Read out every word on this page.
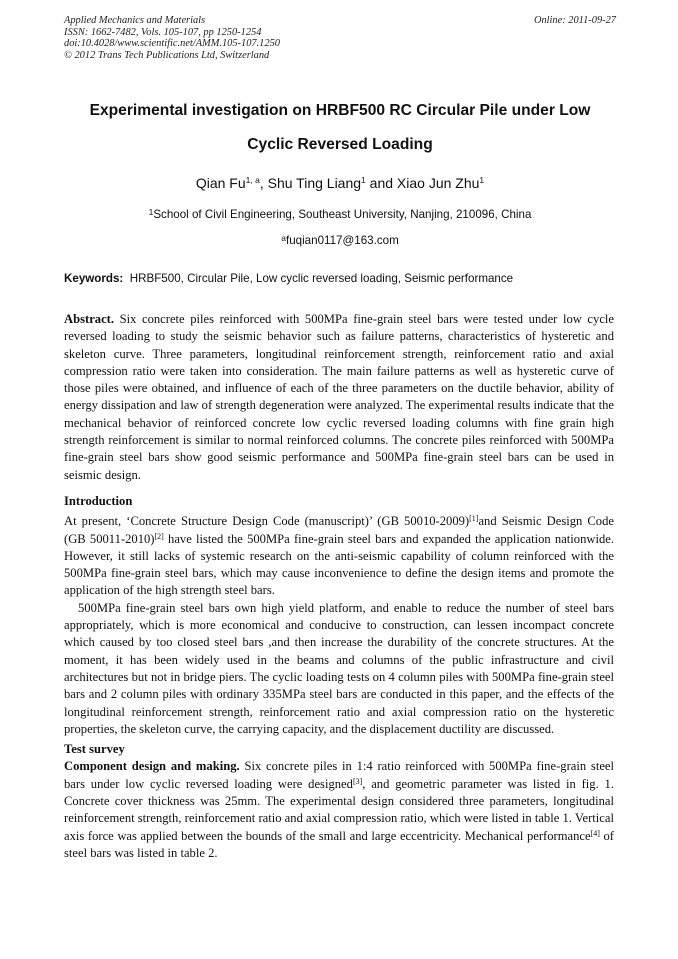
Applied Mechanics and Materials
ISSN: 1662-7482, Vols. 105-107, pp 1250-1254
doi:10.4028/www.scientific.net/AMM.105-107.1250
© 2012 Trans Tech Publications Ltd, Switzerland
Online: 2011-09-27
Experimental investigation on HRBF500 RC Circular Pile under Low
Cyclic Reversed Loading
Qian Fu$^{1, a}$, Shu Ting Liang$^1$ and Xiao Jun Zhu$^1$
$^1$School of Civil Engineering, Southeast University, Nanjing, 210096, China
$^a$fuqian0117@163.com
Keywords: HRBF500, Circular Pile, Low cyclic reversed loading, Seismic performance

Abstract. Six concrete piles reinforced with 500MPa fine-grain steel bars were tested under low cycle reversed loading to study the seismic behavior such as failure patterns, characteristics of hysteretic and skeleton curve. Three parameters, longitudinal reinforcement strength, reinforcement ratio and axial compression ratio were taken into consideration. The main failure patterns as well as hysteretic curve of those piles were obtained, and influence of each of the three parameters on the ductile behavior, ability of energy dissipation and law of strength degeneration were analyzed. The experimental results indicate that the mechanical behavior of reinforced concrete low cyclic reversed loading columns with fine grain high strength reinforcement is similar to normal reinforced columns. The concrete piles reinforced with 500MPa fine-grain steel bars show good seismic performance and 500MPa fine-grain steel bars can be used in seismic design.

Introduction

At present, ‘Concrete Structure Design Code (manuscript)’ (GB 50010-2009)[1]and Seismic Design Code (GB 50011-2010)[2] have listed the 500MPa fine-grain steel bars and expanded the application nationwide. However, it still lacks of systemic research on the anti-seismic capability of column reinforced with the 500MPa fine-grain steel bars, which may cause inconvenience to define the design items and promote the application of the high strength steel bars.

500MPa fine-grain steel bars own high yield platform, and enable to reduce the number of steel bars appropriately, which is more economical and conducive to construction, can lessen incompact concrete which caused by too closed steel bars ,and then increase the durability of the concrete structures. At the moment, it has been widely used in the beams and columns of the public infrastructure and civil architectures but not in bridge piers. The cyclic loading tests on 4 column piles with 500MPa fine-grain steel bars and 2 column piles with ordinary 335MPa steel bars are conducted in this paper, and the effects of the longitudinal reinforcement strength, reinforcement ratio and axial compression ratio on the hysteretic properties, the skeleton curve, the carrying capacity, and the displacement ductility are discussed.

Test survey

Component design and making. Six concrete piles in 1:4 ratio reinforced with 500MPa fine-grain steel bars under low cyclic reversed loading were designed[3], and geometric parameter was listed in fig. 1. Concrete cover thickness was 25mm. The experimental design considered three parameters, longitudinal reinforcement strength, reinforcement ratio and axial compression ratio, which were listed in table 1. Vertical axis force was applied between the bounds of the small and large eccentricity. Mechanical performance[4] of steel bars was listed in table 2.
